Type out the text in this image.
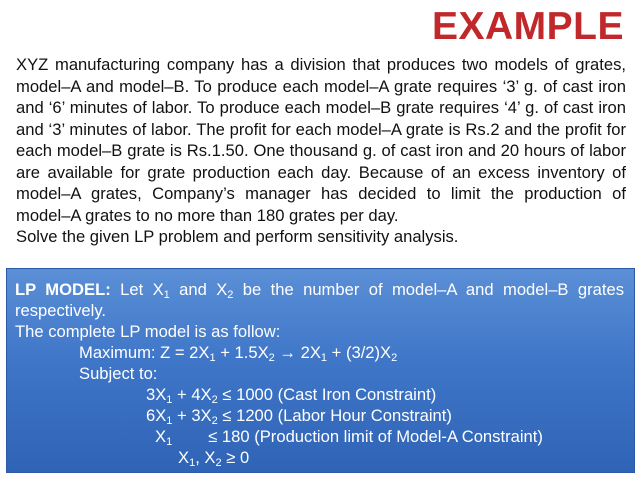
EXAMPLE

XYZ manufacturing company has a division that produces two models of grates, model–A and model–B. To produce each model–A grate requires ‘3’ g. of cast iron and ‘6’ minutes of labor. To produce each model–B grate requires ‘4’ g. of cast iron and ‘3’ minutes of labor. The profit for each model–A grate is Rs.2 and the profit for each model–B grate is Rs.1.50. One thousand g. of cast iron and 20 hours of labor are available for grate production each day. Because of an excess inventory of model–A grates, Company’s manager has decided to limit the production of model–A grates to no more than 180 grates per day.

Solve the given LP problem and perform sensitivity analysis.

LP MODEL: Let $X_1$ and $X_2$ be the number of model–A and model–B grates respectively.

The complete LP model is as follow:

Maximum: $Z = 2X_1 + 1.5X_2 \to 2X_1 + (3/2)X_2$

Subject to:

$3X_1 + 4X_2 \le 1000$ (Cast Iron Constraint)

$6X_1 + 3X_2 \le 1200$ (Labor Hour Constraint)

$X_1 \le 180$ (Production limit of Model-A Constraint)

$X_1$, $X_2 \ge 0$
